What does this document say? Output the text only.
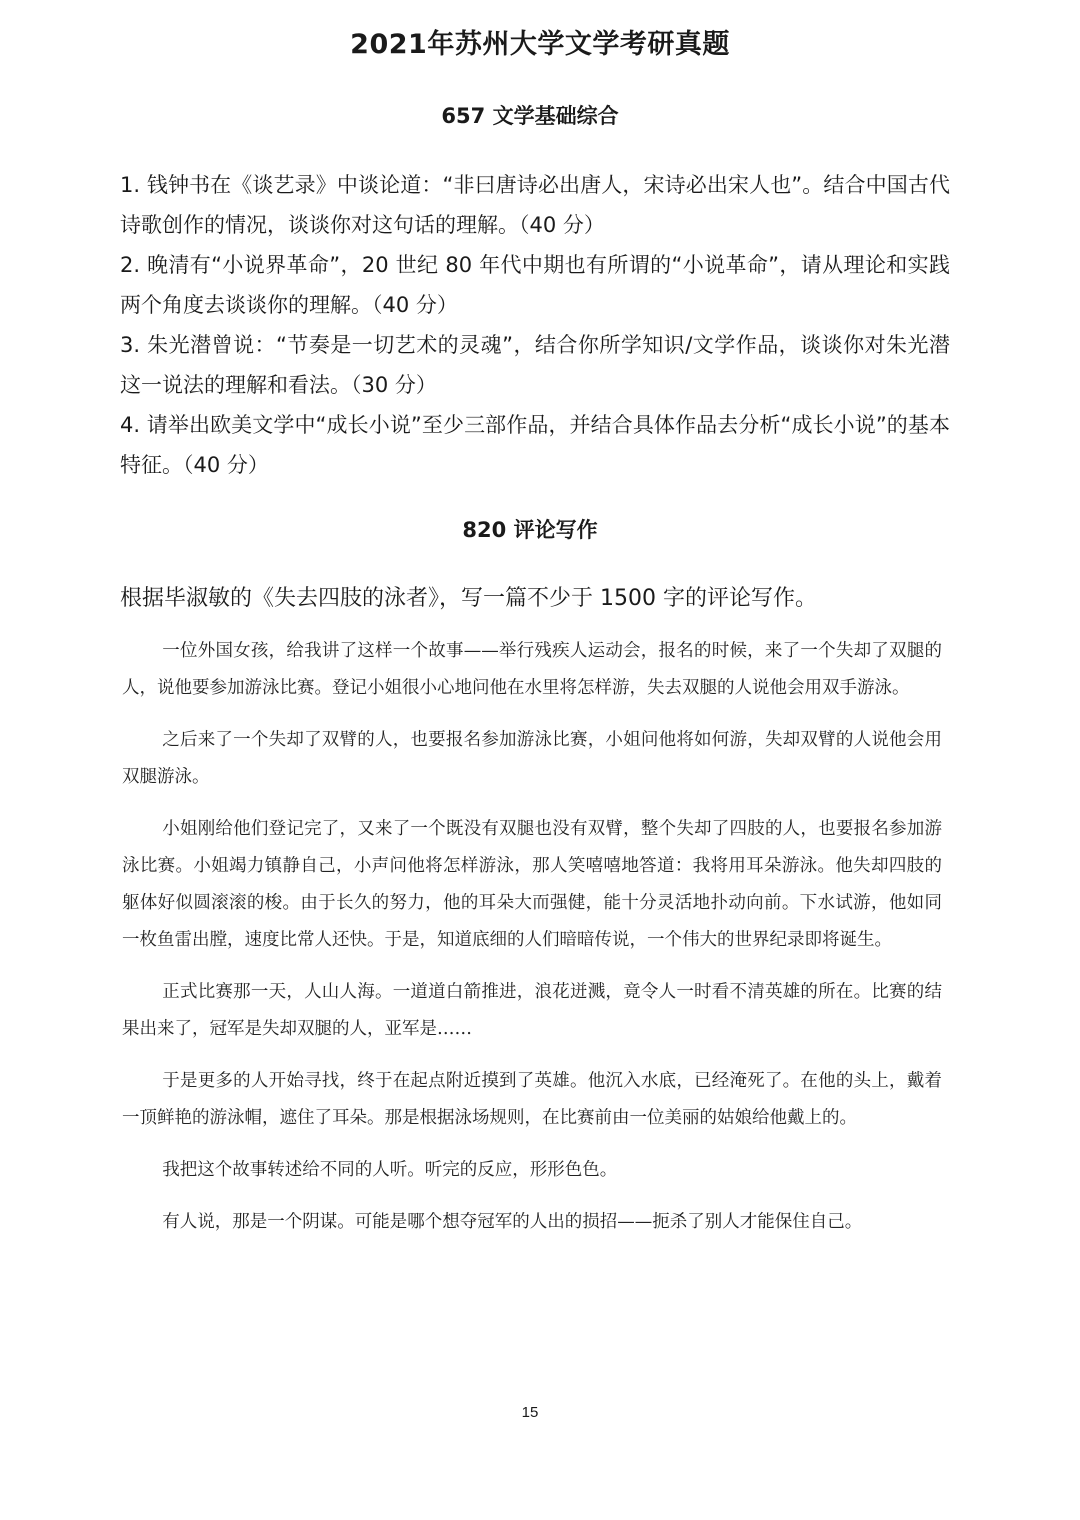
2021年苏州大学文学考研真题
657 文学基础综合
1. 钱钟书在《谈艺录》中谈论道：“非曰唐诗必出唐人，宋诗必出宋人也”。结合中国古代诗歌创作的情况，谈谈你对这句话的理解。（40 分）
2. 晚清有“小说界革命”，20 世纪 80 年代中期也有所谓的“小说革命”，请从理论和实践两个角度去谈谈你的理解。（40 分）
3. 朱光潜曾说：“节奏是一切艺术的灵魂”，结合你所学知识/文学作品，谈谈你对朱光潜这一说法的理解和看法。（30 分）
4. 请举出欧美文学中“成长小说”至少三部作品，并结合具体作品去分析“成长小说”的基本特征。（40 分）
820 评论写作

根据毕淑敏的《失去四肢的泳者》，写一篇不少于 1500 字的评论写作。

一位外国女孩，给我讲了这样一个故事——举行残疾人运动会，报名的时候，来了一个失却了双腿的人，说他要参加游泳比赛。登记小姐很小心地问他在水里将怎样游，失去双腿的人说他会用双手游泳。

之后来了一个失却了双臂的人，也要报名参加游泳比赛，小姐问他将如何游，失却双臂的人说他会用双腿游泳。

小姐刚给他们登记完了，又来了一个既没有双腿也没有双臂，整个失却了四肢的人，也要报名参加游泳比赛。小姐竭力镇静自己，小声问他将怎样游泳，那人笑嘻嘻地答道：我将用耳朵游泳。他失却四肢的躯体好似圆滚滚的梭。由于长久的努力，他的耳朵大而强健，能十分灵活地扑动向前。下水试游，他如同一枚鱼雷出膛，速度比常人还快。于是，知道底细的人们暗暗传说，一个伟大的世界纪录即将诞生。

正式比赛那一天，人山人海。一道道白箭推进，浪花迸溅，竟令人一时看不清英雄的所在。比赛的结果出来了，冠军是失却双腿的人，亚军是……

于是更多的人开始寻找，终于在起点附近摸到了英雄。他沉入水底，已经淹死了。在他的头上，戴着一顶鲜艳的游泳帽，遮住了耳朵。那是根据泳场规则，在比赛前由一位美丽的姑娘给他戴上的。

我把这个故事转述给不同的人听。听完的反应，形形色色。

有人说，那是一个阴谋。可能是哪个想夺冠军的人出的损招——扼杀了别人才能保住自己。

15
